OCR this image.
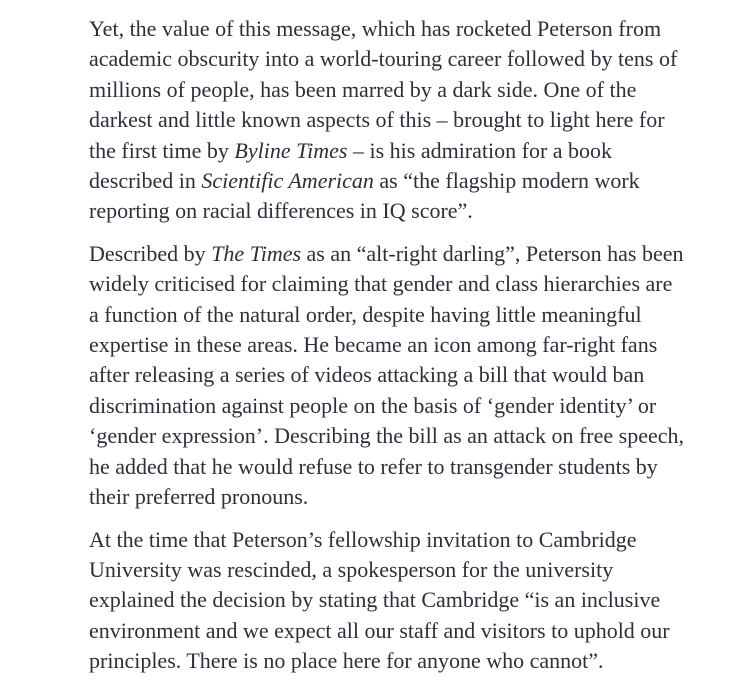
Yet, the value of this message, which has rocketed Peterson from
academic obscurity into a world-touring career followed by tens of
millions of people, has been marred by a dark side. One of the
darkest and little known aspects of this – brought to light here for
the first time by Byline Times – is his admiration for a book
described in Scientific American as “the flagship modern work
reporting on racial differences in IQ score”.

Described by The Times as an “alt-right darling”, Peterson has been
widely criticised for claiming that gender and class hierarchies are
a function of the natural order, despite having little meaningful
expertise in these areas. He became an icon among far-right fans
after releasing a series of videos attacking a bill that would ban
discrimination against people on the basis of ‘gender identity’ or
‘gender expression’. Describing the bill as an attack on free speech,
he added that he would refuse to refer to transgender students by
their preferred pronouns.

At the time that Peterson’s fellowship invitation to Cambridge
University was rescinded, a spokesperson for the university
explained the decision by stating that Cambridge “is an inclusive
environment and we expect all our staff and visitors to uphold our
principles. There is no place here for anyone who cannot”.
